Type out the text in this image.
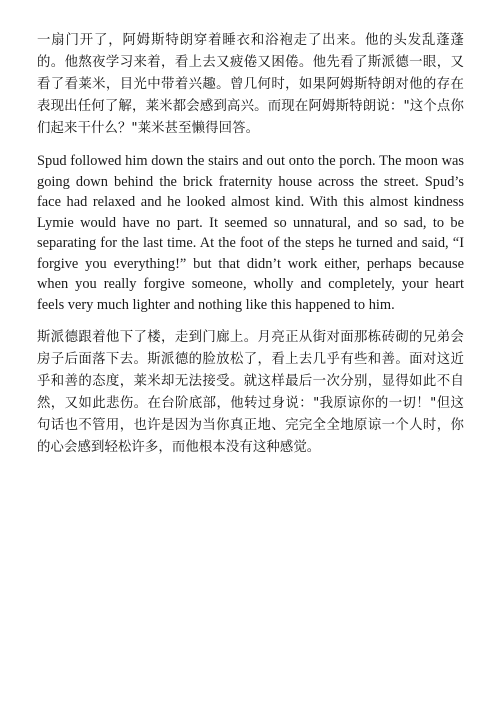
一扇门开了，阿姆斯特朗穿着睡衣和浴袍走了出来。他的头发乱蓬蓬的。他熬夜学习来着，看上去又疲倦又困倦。他先看了斯派德一眼，又看了看莱米，目光中带着兴趣。曾几何时，如果阿姆斯特朗对他的存在表现出任何了解，莱米都会感到高兴。而现在阿姆斯特朗说："这个点你们起来干什么？"莱米甚至懒得回答。

Spud followed him down the stairs and out onto the porch. The moon was going down behind the brick fraternity house across the street. Spud’s face had relaxed and he looked almost kind. With this almost kindness Lymie would have no part. It seemed so unnatural, and so sad, to be separating for the last time. At the foot of the steps he turned and said, “I forgive you everything!” but that didn’t work either, perhaps because when you really forgive someone, wholly and completely, your heart feels very much lighter and nothing like this happened to him.

斯派德跟着他下了楼，走到门廊上。月亮正从街对面那栋砖砌的兄弟会房子后面落下去。斯派德的脸放松了，看上去几乎有些和善。面对这近乎和善的态度，莱米却无法接受。就这样最后一次分别，显得如此不自然，又如此悲伤。在台阶底部，他转过身说："我原谅你的一切！"但这句话也不管用，也许是因为当你真正地、完完全全地原谅一个人时，你的心会感到轻松许多，而他根本没有这种感觉。
